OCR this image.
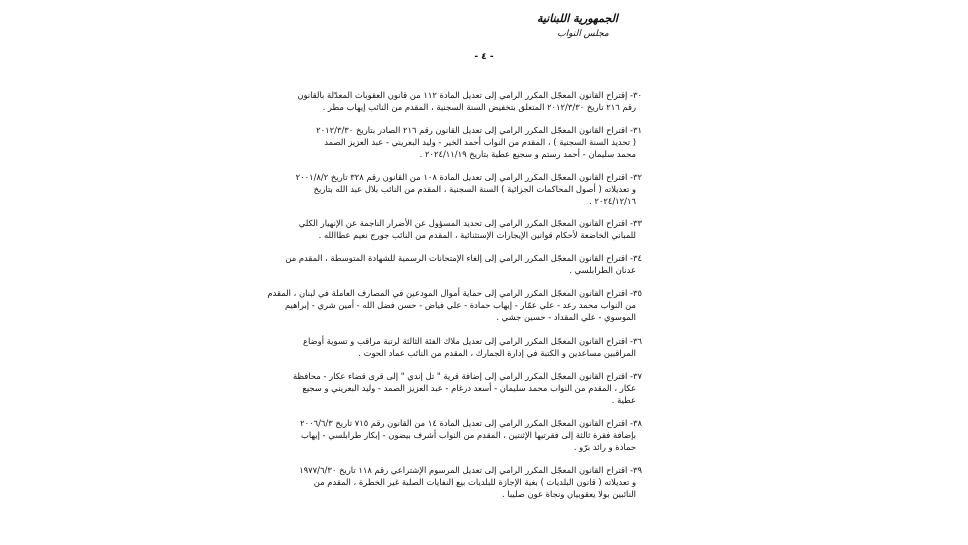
الجمهورية اللبنانية
مجلس النواب
- ٤ -
٣٠- إقتراح القانون المعجّل المكرر الرامي إلى تعديل المادة ١١٢ من قانون العقوبات المعدّلة بالقانون
رقم ٢١٦ تاريخ ٢٠١٢/٣/٣٠ المتعلق بتخفيض السنة السجنية ، المقدم من النائب إيهاب مطر .
٣١- اقتراح القانون المعجّل المكرر الرامي إلى تعديل القانون رقم ٢١٦ الصادر بتاريخ ٢٠١٢/٣/٣٠
( تحديد السنة السجنية ) ، المقدم من النواب أحمد الخير - وليد البعريني - عبد العزيز الصمد
محمد سليمان - أحمد رستم و سجيع عطية بتاريخ ٢٠٢٤/١١/١٩ .
٣٢- اقتراح القانون المعجّل المكرر الرامي إلى تعديل المادة ١٠٨ من القانون رقم ٣٢٨ تاريخ ٢٠٠١/٨/٢
و تعديلاته ( أصول المحاكمات الجزائية ) السنة السجنية ، المقدم من النائب بلال عبد الله بتاريخ
٢٠٢٤/١٢/١٦ .
٣٣- اقتراح القانون المعجّل المكرر الرامي إلى تحديد المسؤول عن الأضرار الناجمة عن الإنهيار الكلي
للمباني الخاضعة لأحكام قوانين الإيجارات الإستثنائية ، المقدم من النائب جورج نعيم عطاالله .
٣٤- اقتراح القانون المعجّل المكرر الرامي إلى إلغاء الإمتحانات الرسمية للشهادة المتوسطة ، المقدم من
عدنان الطرابلسي .
٣٥- اقتراح القانون المعجّل المكرر الرامي إلى حماية أموال المودعين في المصارف العاملة في لبنان ، المقدم
من النواب محمد رعد - علي عمّار - إيهاب حمادة - علي فياض - حسن فضل الله - أمين شري - إبراهيم
الموسوي - علي المقداد - حسين جشي .
٣٦- اقتراح القانون المعجّل المكرر الرامي إلى تعديل ملاك الفئة الثالثة لرتبة مراقب و تسوية أوضاع
المراقبين مساعدين و الكتبة في إدارة الجمارك ، المقدم من النائب عماد الحوت .
٣٧- اقتراح القانون المعجّل المكرر الرامي إلى إضافة قرية " تل إندي " إلى قرى قضاء عكار - محافظة
عكار ، المقدم من النواب محمد سليمان - أسعد درغام - عبد العزيز الصمد - وليد البعريني و سجيع
عطية .
٣٨- اقتراح القانون المعجّل المكرر الرامي إلى تعديل المادة ١٤ من القانون رقم ٧١٥ تاريخ ٢٠٠٦/٦/٣
بإضافة فقرة ثالثة إلى فقرتيها الإثنتين ، المقدم من النواب أشرف بيضون - إبكار طرابلسي - إيهاب
حمادة و رائد برّو .
٣٩- اقتراح القانون المعجّل المكرر الرامي إلى تعديل المرسوم الإشتراعي رقم ١١٨ تاريخ ١٩٧٧/٦/٣٠
و تعديلاته ( قانون البلديات ) بغية الإجازة للبلديات بيع النفايات الصلبة غير الخطرة ، المقدم من
النائبين بولا يعقوبيان ونجاة عون صليبا .
